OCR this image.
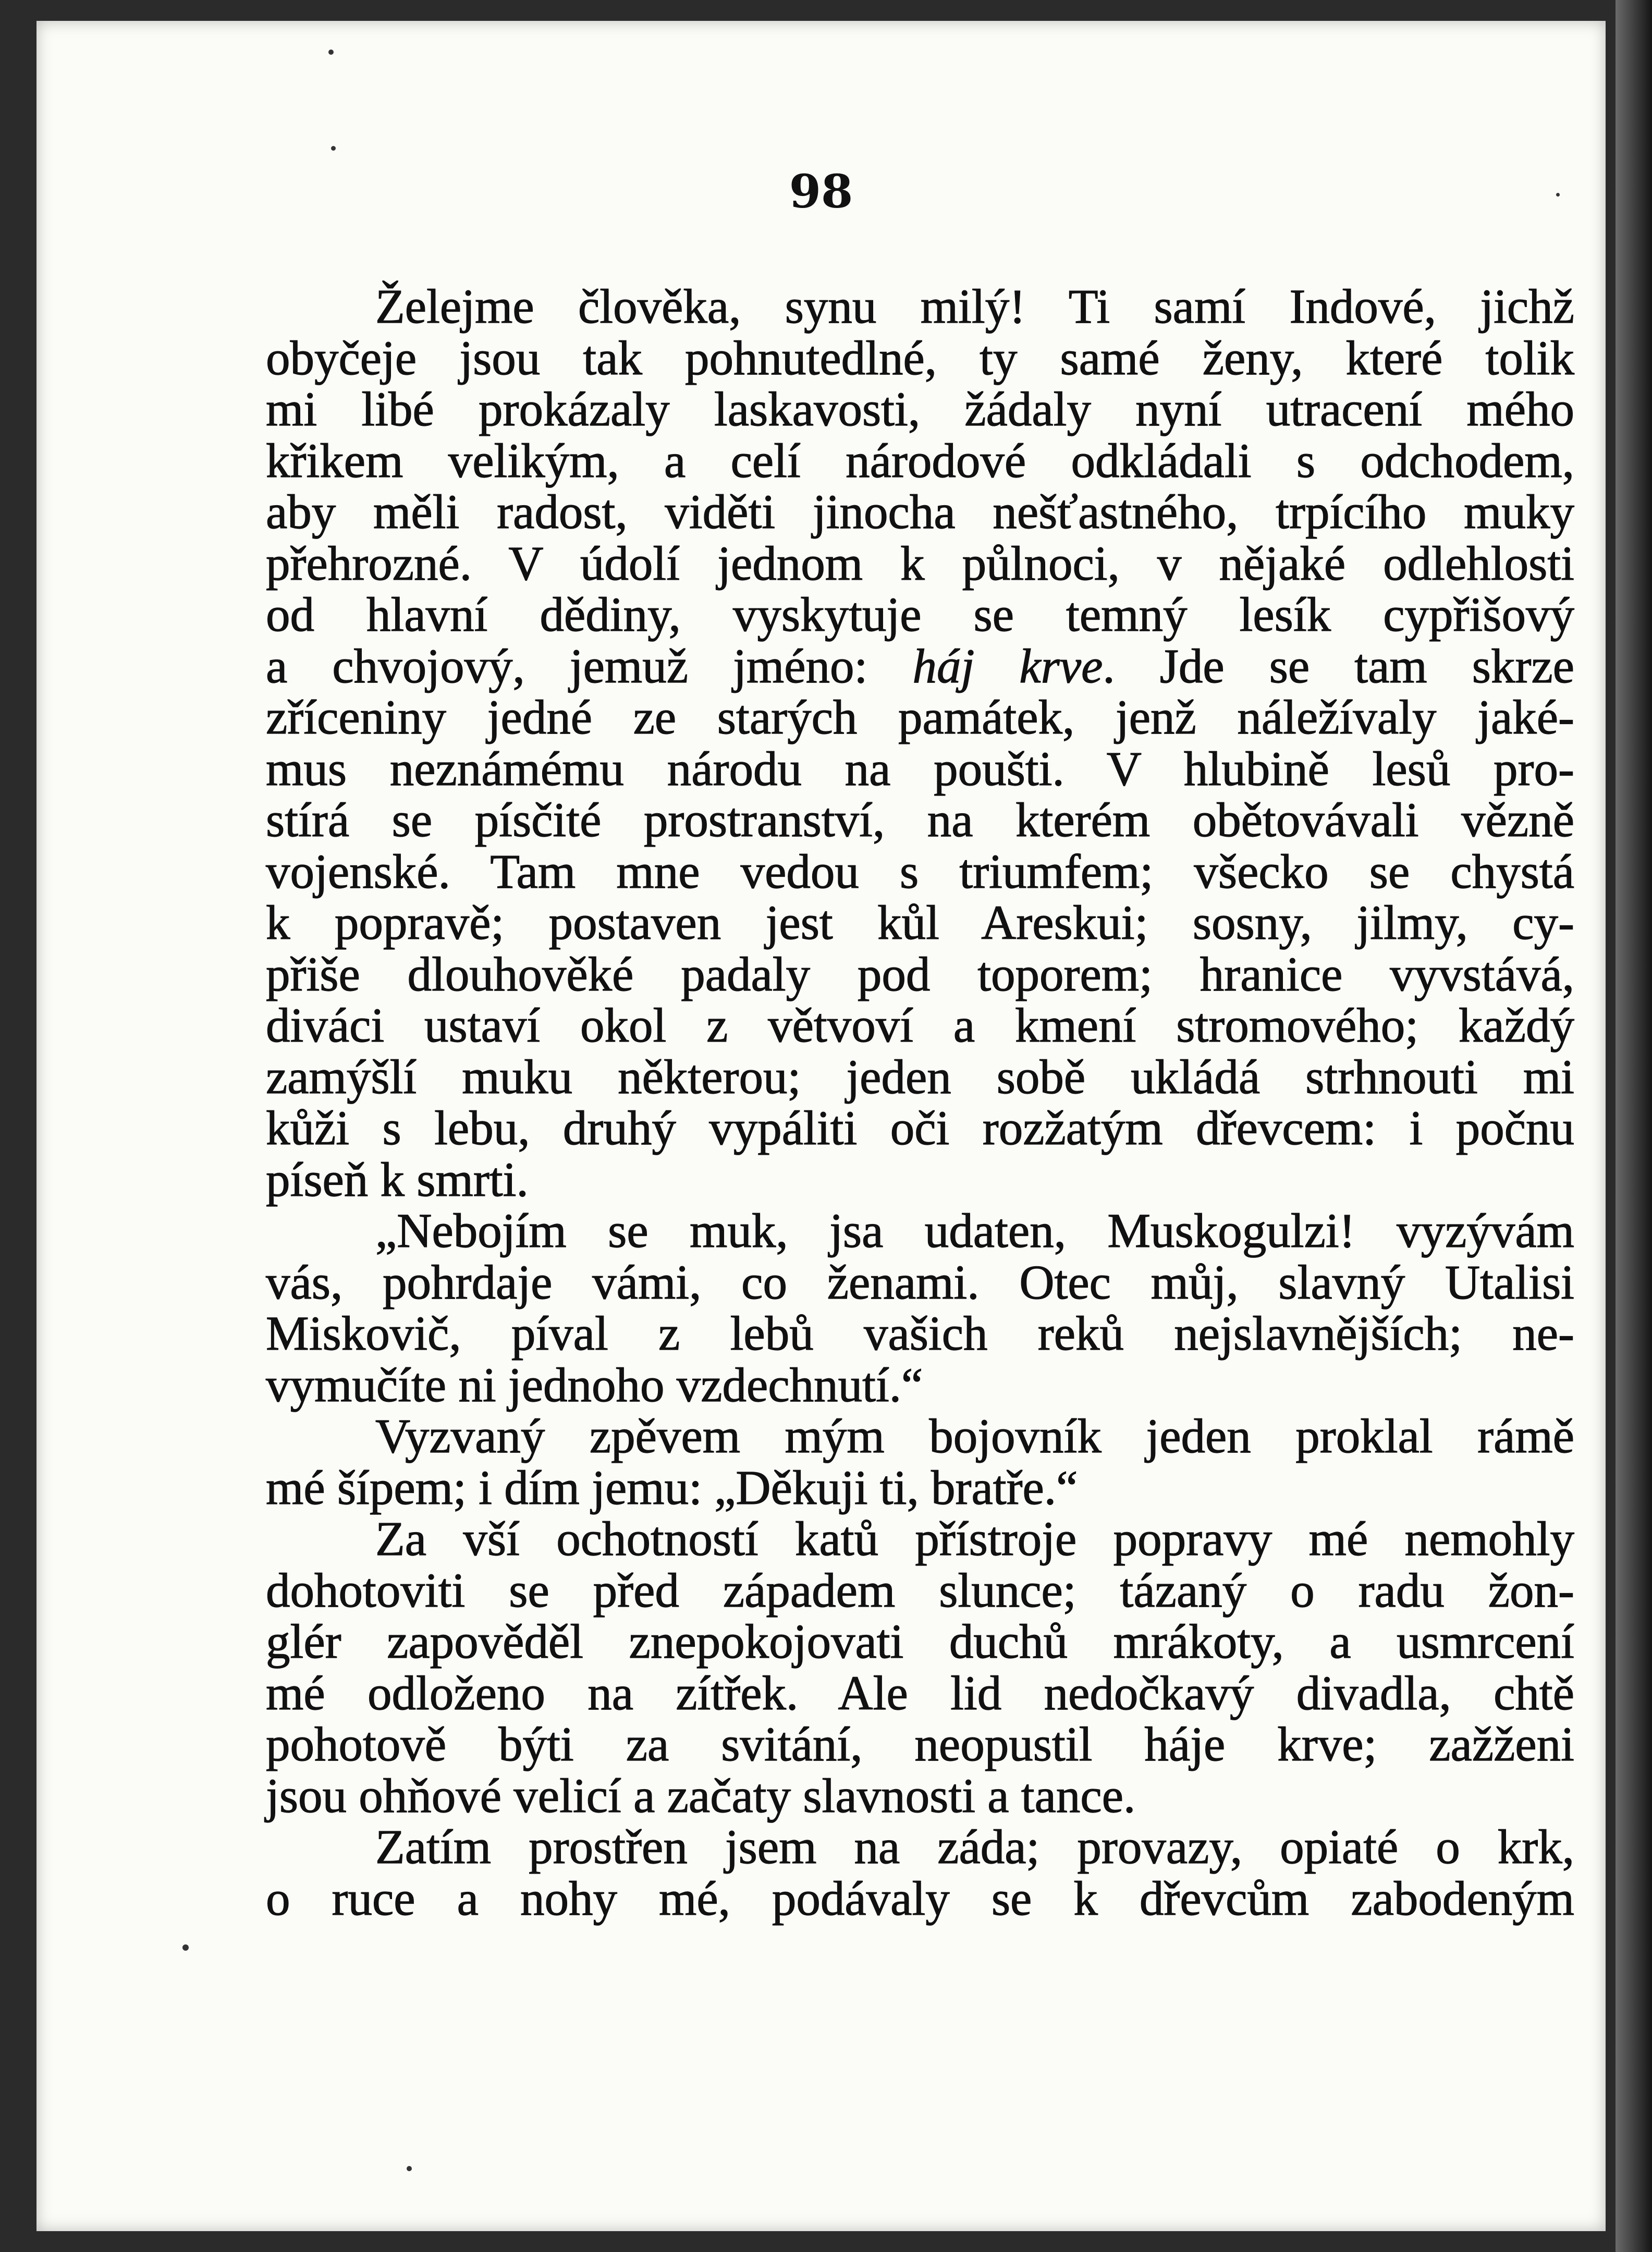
98

Želejme člověka, synu milý! Ti samí Indové, jichž
obyčeje jsou tak pohnutedlné, ty samé ženy, které tolik
mi libé prokázaly laskavosti, žádaly nyní utracení mého
křikem velikým, a celí národové odkládali s odchodem,
aby měli radost, viděti jinocha nešťastného, trpícího muky
přehrozné. V údolí jednom k půlnoci, v nějaké odlehlosti
od hlavní dědiny, vyskytuje se temný lesík cypřišový
a chvojový, jemuž jméno: háj krve. Jde se tam skrze
zříceniny jedné ze starých památek, jenž náležívaly jaké-
mus neznámému národu na poušti. V hlubině lesů pro-
stírá se písčité prostranství, na kterém obětovávali vězně
vojenské. Tam mne vedou s triumfem; všecko se chystá
k popravě; postaven jest kůl Areskui; sosny, jilmy, cy-
přiše dlouhověké padaly pod toporem; hranice vyvstává,
diváci ustaví okol z větvoví a kmení stromového; každý
zamýšlí muku některou; jeden sobě ukládá strhnouti mi
kůži s lebu, druhý vypáliti oči rozžatým dřevcem: i počnu
píseň k smrti.
„Nebojím se muk, jsa udaten, Muskogulzi! vyzývám
vás, pohrdaje vámi, co ženami. Otec můj, slavný Utalisi
Miskovič, píval z lebů vašich reků nejslavnějších; ne-
vymučíte ni jednoho vzdechnutí.“
Vyzvaný zpěvem mým bojovník jeden proklal rámě
mé šípem; i dím jemu: „Děkuji ti, bratře.“
Za vší ochotností katů přístroje popravy mé nemohly
dohotoviti se před západem slunce; tázaný o radu žon-
glér zapověděl znepokojovati duchů mrákoty, a usmrcení
mé odloženo na zítřek. Ale lid nedočkavý divadla, chtě
pohotově býti za svitání, neopustil háje krve; zažženi
jsou ohňové velicí a začaty slavnosti a tance.
Zatím prostřen jsem na záda; provazy, opiaté o krk,
o ruce a nohy mé, podávaly se k dřevcům zabodeným
